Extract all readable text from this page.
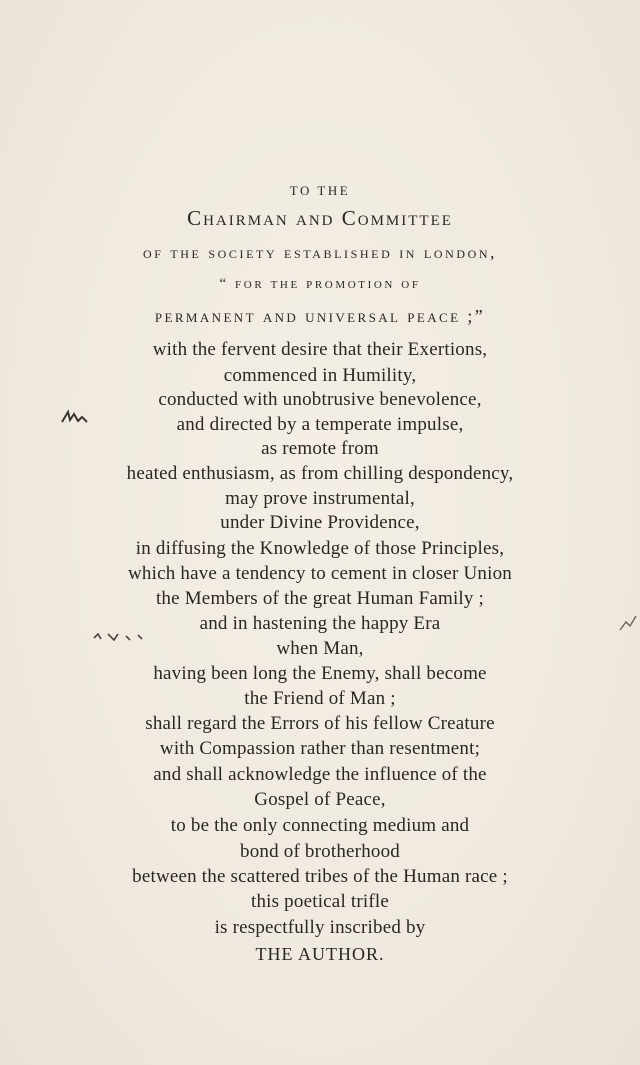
TO THE
Chairman and Committee
of the society established in london,
“ for the promotion of
permanent and universal peace ;”
with the fervent desire that their Exertions,
commenced in Humility,
conducted with unobtrusive benevolence,
and directed by a temperate impulse,
as remote from
heated enthusiasm, as from chilling despondency,
may prove instrumental,
under Divine Providence,
in diffusing the Knowledge of those Principles,
which have a tendency to cement in closer Union
the Members of the great Human Family ;
and in hastening the happy Era
when Man,
having been long the Enemy, shall become
the Friend of Man ;
shall regard the Errors of his fellow Creature
with Compassion rather than resentment;
and shall acknowledge the influence of the
Gospel of Peace,
to be the only connecting medium and
bond of brotherhood
between the scattered tribes of the Human race ;
this poetical trifle
is respectfully inscribed by
THE AUTHOR.
